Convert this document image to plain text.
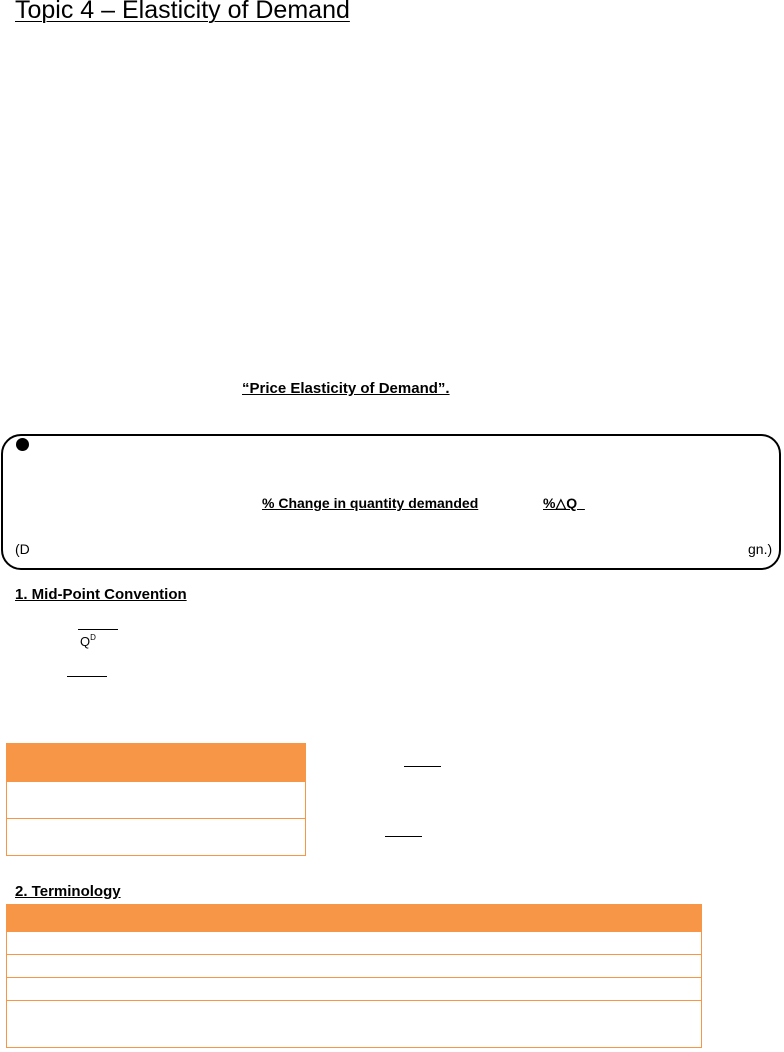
Topic 4 – Elasticity of Demand
“Price Elasticity of Demand”.
% Change in quantity demanded	%△Q
(D	gn.)
1. Mid-Point Convention
$Q^D$

2. Terminology
